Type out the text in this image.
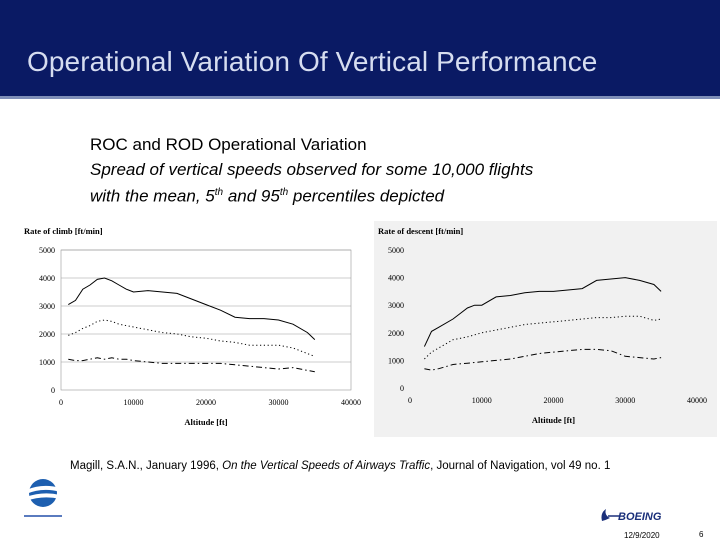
Operational Variation Of Vertical Performance
ROC and ROD Operational Variation
Spread of vertical speeds observed for some 10,000 flights
with the mean, 5th and 95th percentiles depicted
0
1000
2000
3000
4000
5000
0	10000	20000	30000	40000
Rate of climb [ft/min]
Altitude [ft]
0
1000
2000
3000
4000
5000
0	10000	20000	30000	40000
Rate of descent [ft/min]
Altitude [ft]
Magill, S.A.N., January 1996, On the Vertical Speeds of Airways Traffic, Journal of Navigation, vol 49 no. 1
BOEING
12/9/2020	6
